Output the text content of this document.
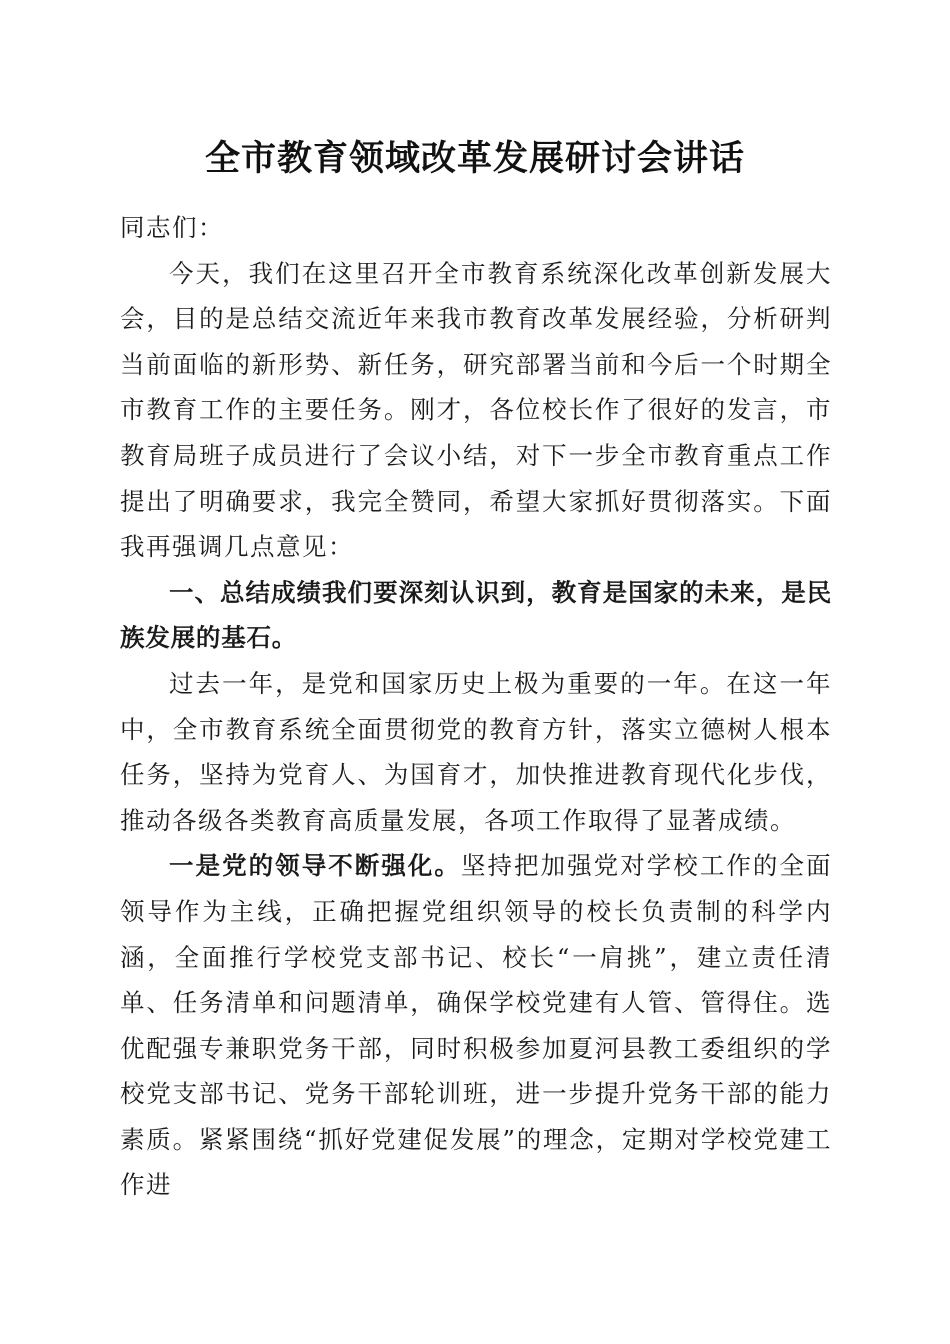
全市教育领域改革发展研讨会讲话

同志们：

今天，我们在这里召开全市教育系统深化改革创新发展大会，目的是总结交流近年来我市教育改革发展经验，分析研判当前面临的新形势、新任务，研究部署当前和今后一个时期全市教育工作的主要任务。刚才，各位校长作了很好的发言，市教育局班子成员进行了会议小结，对下一步全市教育重点工作提出了明确要求，我完全赞同，希望大家抓好贯彻落实。下面我再强调几点意见：

一、总结成绩我们要深刻认识到，教育是国家的未来，是民族发展的基石。

过去一年，是党和国家历史上极为重要的一年。在这一年中，全市教育系统全面贯彻党的教育方针，落实立德树人根本任务，坚持为党育人、为国育才，加快推进教育现代化步伐，推动各级各类教育高质量发展，各项工作取得了显著成绩。

一是党的领导不断强化。坚持把加强党对学校工作的全面领导作为主线，正确把握党组织领导的校长负责制的科学内涵，全面推行学校党支部书记、校长“一肩挑”，建立责任清单、任务清单和问题清单，确保学校党建有人管、管得住。选优配强专兼职党务干部，同时积极参加夏河县教工委组织的学校党支部书记、党务干部轮训班，进一步提升党务干部的能力素质。紧紧围绕“抓好党建促发展”的理念，定期对学校党建工作进
